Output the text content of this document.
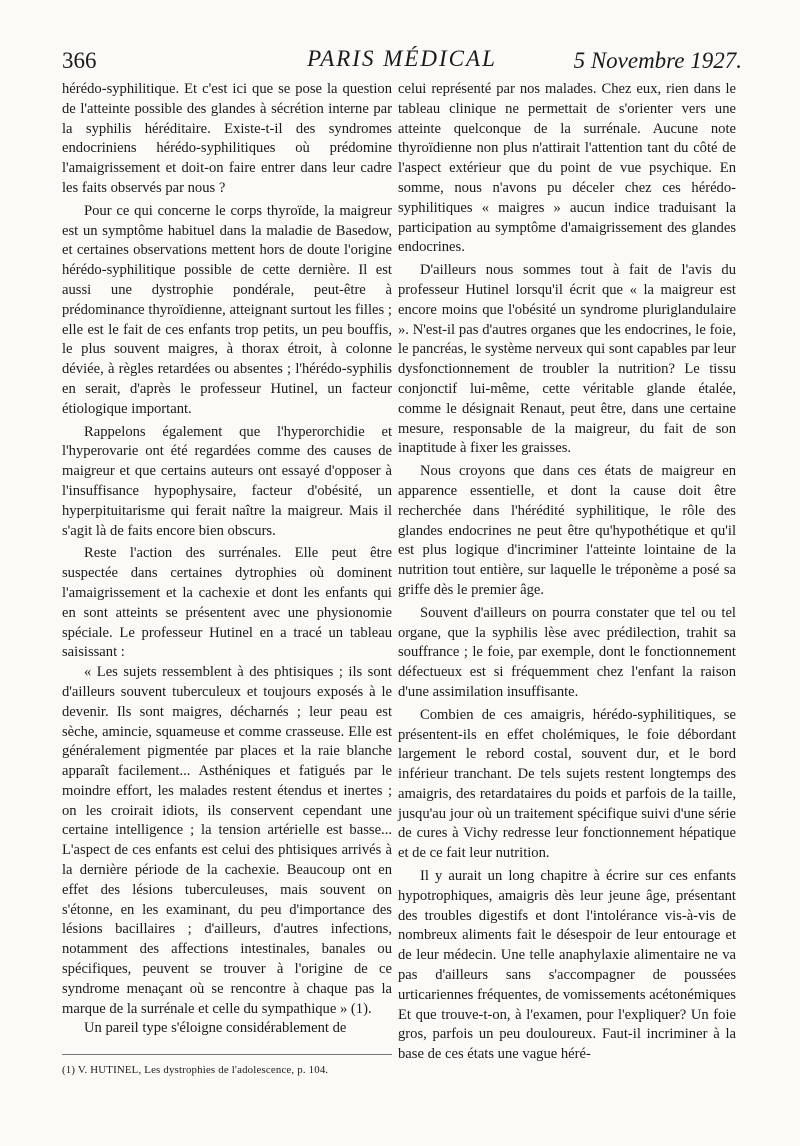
366	PARIS MÉDICAL	5 Novembre 1927.

hérédo-syphilitique. Et c'est ici que se pose la question de l'atteinte possible des glandes à sécrétion interne par la syphilis héréditaire. Existe-t-il des syndromes endocriniens hérédo-syphilitiques où prédomine l'amaigrissement et doit-on faire entrer dans leur cadre les faits observés par nous ?

Pour ce qui concerne le corps thyroïde, la maigreur est un symptôme habituel dans la maladie de Basedow, et certaines observations mettent hors de doute l'origine hérédo-syphilitique possible de cette dernière. Il est aussi une dystrophie pondérale, peut-être à prédominance thyroïdienne, atteignant surtout les filles ; elle est le fait de ces enfants trop petits, un peu bouffis, le plus souvent maigres, à thorax étroit, à colonne déviée, à règles retardées ou absentes ; l'hérédo-syphilis en serait, d'après le professeur Hutinel, un facteur étiologique important.

Rappelons également que l'hyperorchidie et l'hyperovarie ont été regardées comme des causes de maigreur et que certains auteurs ont essayé d'opposer à l'insuffisance hypophysaire, facteur d'obésité, un hyperpituitarisme qui ferait naître la maigreur. Mais il s'agit là de faits encore bien obscurs.

Reste l'action des surrénales. Elle peut être suspectée dans certaines dytrophies où dominent l'amaigrissement et la cachexie et dont les enfants qui en sont atteints se présentent avec une physionomie spéciale. Le professeur Hutinel en a tracé un tableau saisissant :

« Les sujets ressemblent à des phtisiques ; ils sont d'ailleurs souvent tuberculeux et toujours exposés à le devenir. Ils sont maigres, décharnés ; leur peau est sèche, amincie, squameuse et comme crasseuse. Elle est généralement pigmentée par places et la raie blanche apparaît facilement... Asthéniques et fatigués par le moindre effort, les malades restent étendus et inertes ; on les croirait idiots, ils conservent cependant une certaine intelligence ; la tension artérielle est basse... L'aspect de ces enfants est celui des phtisiques arrivés à la dernière période de la cachexie. Beaucoup ont en effet des lésions tuberculeuses, mais souvent on s'étonne, en les examinant, du peu d'importance des lésions bacillaires ; d'ailleurs, d'autres infections, notamment des affections intestinales, banales ou spécifiques, peuvent se trouver à l'origine de ce syndrome menaçant où se rencontre à chaque pas la marque de la surrénale et celle du sympathique » (1).

Un pareil type s'éloigne considérablement de

celui représenté par nos malades. Chez eux, rien dans le tableau clinique ne permettait de s'orienter vers une atteinte quelconque de la surrénale. Aucune note thyroïdienne non plus n'attirait l'attention tant du côté de l'aspect extérieur que du point de vue psychique. En somme, nous n'avons pu déceler chez ces hérédo-syphilitiques « maigres » aucun indice traduisant la participation au symptôme d'amaigrissement des glandes endocrines.

D'ailleurs nous sommes tout à fait de l'avis du professeur Hutinel lorsqu'il écrit que « la maigreur est encore moins que l'obésité un syndrome pluriglandulaire ». N'est-il pas d'autres organes que les endocrines, le foie, le pancréas, le système nerveux qui sont capables par leur dysfonctionnement de troubler la nutrition? Le tissu conjonctif lui-même, cette véritable glande étalée, comme le désignait Renaut, peut être, dans une certaine mesure, responsable de la maigreur, du fait de son inaptitude à fixer les graisses.

Nous croyons que dans ces états de maigreur en apparence essentielle, et dont la cause doit être recherchée dans l'hérédité syphilitique, le rôle des glandes endocrines ne peut être qu'hypothétique et qu'il est plus logique d'incriminer l'atteinte lointaine de la nutrition tout entière, sur laquelle le tréponème a posé sa griffe dès le premier âge.

Souvent d'ailleurs on pourra constater que tel ou tel organe, que la syphilis lèse avec prédilection, trahit sa souffrance ; le foie, par exemple, dont le fonctionnement défectueux est si fréquemment chez l'enfant la raison d'une assimilation insuffisante.

Combien de ces amaigris, hérédo-syphilitiques, se présentent-ils en effet cholémiques, le foie débordant largement le rebord costal, souvent dur, et le bord inférieur tranchant. De tels sujets restent longtemps des amaigris, des retardataires du poids et parfois de la taille, jusqu'au jour où un traitement spécifique suivi d'une série de cures à Vichy redresse leur fonctionnement hépatique et de ce fait leur nutrition.

Il y aurait un long chapitre à écrire sur ces enfants hypotrophiques, amaigris dès leur jeune âge, présentant des troubles digestifs et dont l'intolérance vis-à-vis de nombreux aliments fait le désespoir de leur entourage et de leur médecin. Une telle anaphylaxie alimentaire ne va pas d'ailleurs sans s'accompagner de poussées urticariennes fréquentes, de vomissements acétonémiques Et que trouve-t-on, à l'examen, pour l'expliquer? Un foie gros, parfois un peu douloureux. Faut-il incriminer à la base de ces états une vague héré-

(1) V. HUTINEL, Les dystrophies de l'adolescence, p. 104.
